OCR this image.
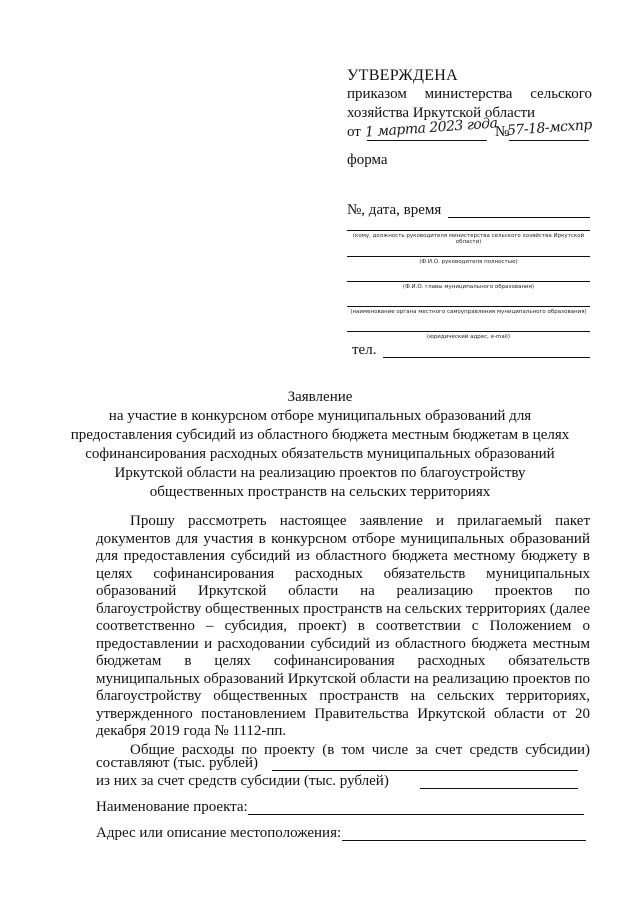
УТВЕРЖДЕНА
приказом министерства сельского
хозяйства Иркутской области
от 1 марта 2023 года
№
57-18-мсхпр
форма
№, дата, время
(кому, должность руководителя министерства сельского хозяйства Иркутской области)
(Ф.И.О. руководителя полностью)
(Ф.И.О. главы муниципального образования)
(наименование органа местного самоуправления муниципального образования)
(юридический адрес, e-mail)
тел.
Заявление
на участие в конкурсном отборе муниципальных образований для
предоставления субсидий из областного бюджета местным бюджетам в целях
софинансирования расходных обязательств муниципальных образований
Иркутской области на реализацию проектов по благоустройству
общественных пространств на сельских территориях

Прошу рассмотреть настоящее заявление и прилагаемый пакет документов для участия в конкурсном отборе муниципальных образований для предоставления субсидий из областного бюджета местному бюджету в целях софинансирования расходных обязательств муниципальных образований Иркутской области на реализацию проектов по благоустройству общественных пространств на сельских территориях (далее соответственно – субсидия, проект) в соответствии с Положением о предоставлении и расходовании субсидий из областного бюджета местным бюджетам в целях софинансирования расходных обязательств муниципальных образований Иркутской области на реализацию проектов по благоустройству общественных пространств на сельских территориях, утвержденного постановлением Правительства Иркутской области от 20 декабря 2019 года № 1112-пп.

Общие расходы по проекту (в том числе за счет средств субсидии)

составляют (тыс. рублей)
из них за счет средств субсидии (тыс. рублей)
Наименование проекта:
Адрес или описание местоположения:
